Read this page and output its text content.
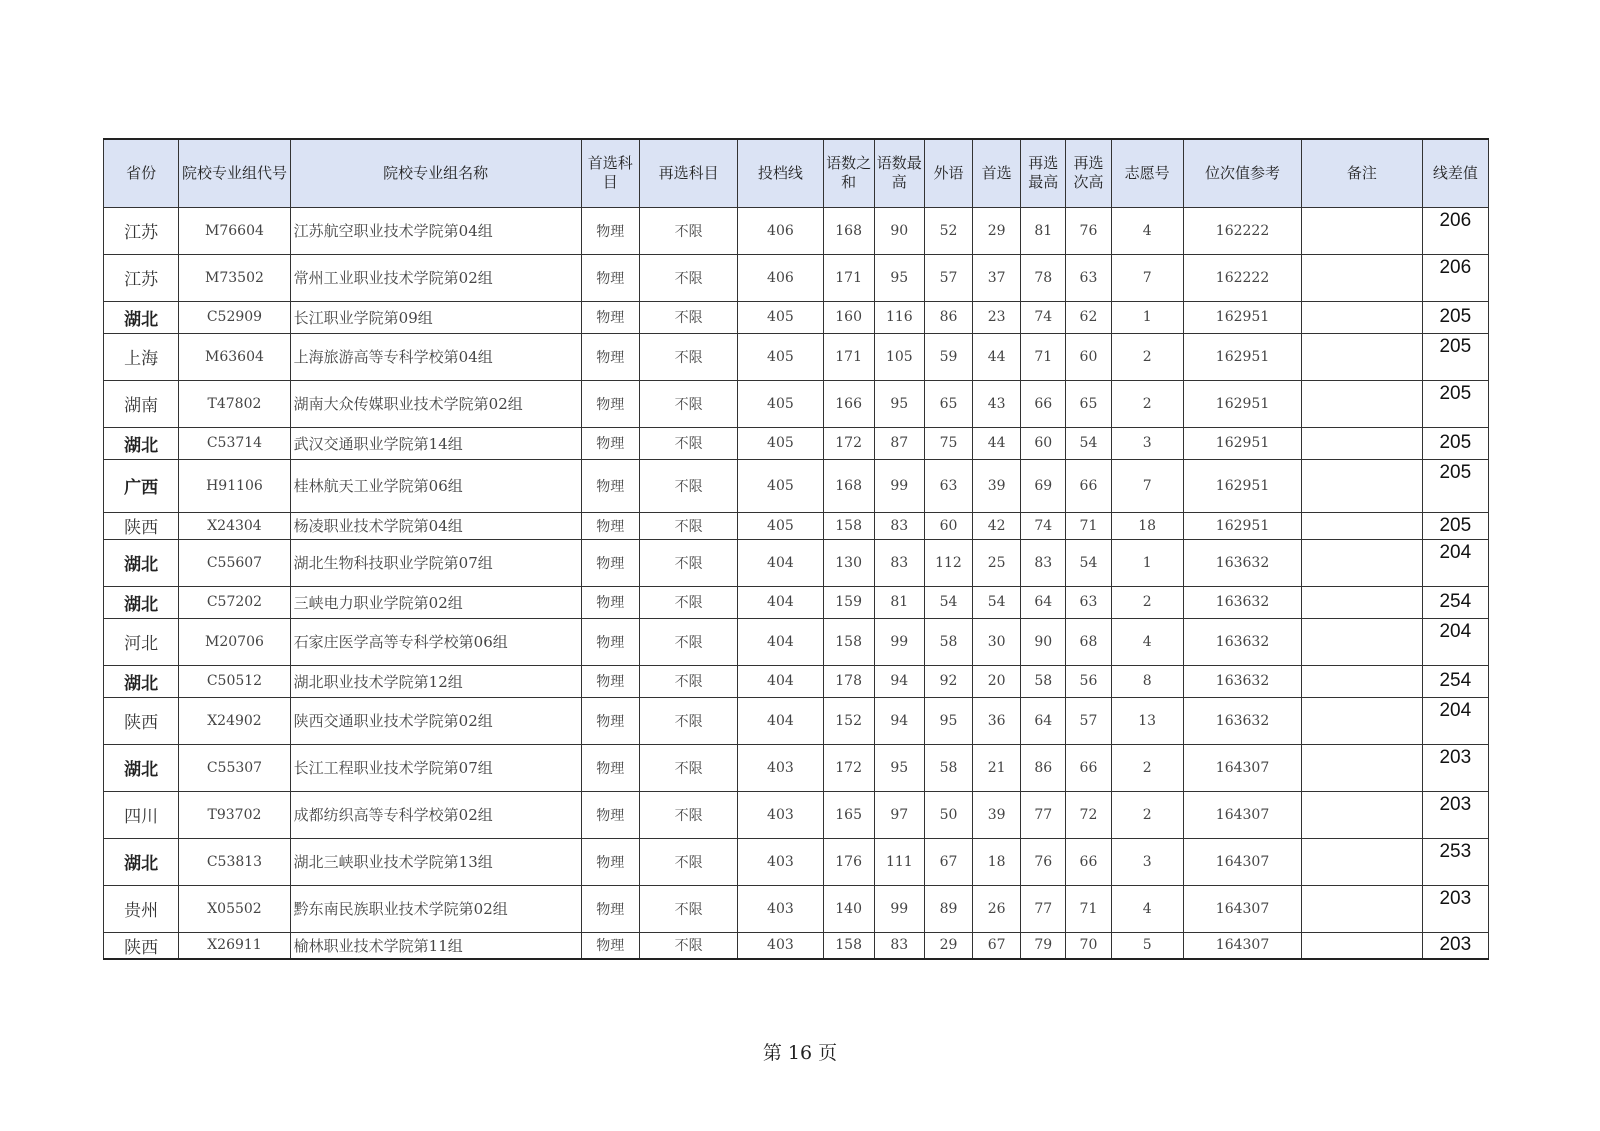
省份	院校专业组代号	院校专业组名称	首选科目	再选科目	投档线	语数之和	语数最高	外语	首选	再选最高	再选次高	志愿号	位次值参考	备注	线差值
江苏	M76604	江苏航空职业技术学院第04组	物理	不限	406	168	90	52	29	81	76	4	162222		206
江苏	M73502	常州工业职业技术学院第02组	物理	不限	406	171	95	57	37	78	63	7	162222		206
湖北	C52909	长江职业学院第09组	物理	不限	405	160	116	86	23	74	62	1	162951		205
上海	M63604	上海旅游高等专科学校第04组	物理	不限	405	171	105	59	44	71	60	2	162951		205
湖南	T47802	湖南大众传媒职业技术学院第02组	物理	不限	405	166	95	65	43	66	65	2	162951		205
湖北	C53714	武汉交通职业学院第14组	物理	不限	405	172	87	75	44	60	54	3	162951		205
广西	H91106	桂林航天工业学院第06组	物理	不限	405	168	99	63	39	69	66	7	162951		205
陕西	X24304	杨凌职业技术学院第04组	物理	不限	405	158	83	60	42	74	71	18	162951		205
湖北	C55607	湖北生物科技职业学院第07组	物理	不限	404	130	83	112	25	83	54	1	163632		204
湖北	C57202	三峡电力职业学院第02组	物理	不限	404	159	81	54	54	64	63	2	163632		254
河北	M20706	石家庄医学高等专科学校第06组	物理	不限	404	158	99	58	30	90	68	4	163632		204
湖北	C50512	湖北职业技术学院第12组	物理	不限	404	178	94	92	20	58	56	8	163632		254
陕西	X24902	陕西交通职业技术学院第02组	物理	不限	404	152	94	95	36	64	57	13	163632		204
湖北	C55307	长江工程职业技术学院第07组	物理	不限	403	172	95	58	21	86	66	2	164307		203
四川	T93702	成都纺织高等专科学校第02组	物理	不限	403	165	97	50	39	77	72	2	164307		203
湖北	C53813	湖北三峡职业技术学院第13组	物理	不限	403	176	111	67	18	76	66	3	164307		253
贵州	X05502	黔东南民族职业技术学院第02组	物理	不限	403	140	99	89	26	77	71	4	164307		203
陕西	X26911	榆林职业技术学院第11组	物理	不限	403	158	83	29	67	79	70	5	164307		203
第 16 页
